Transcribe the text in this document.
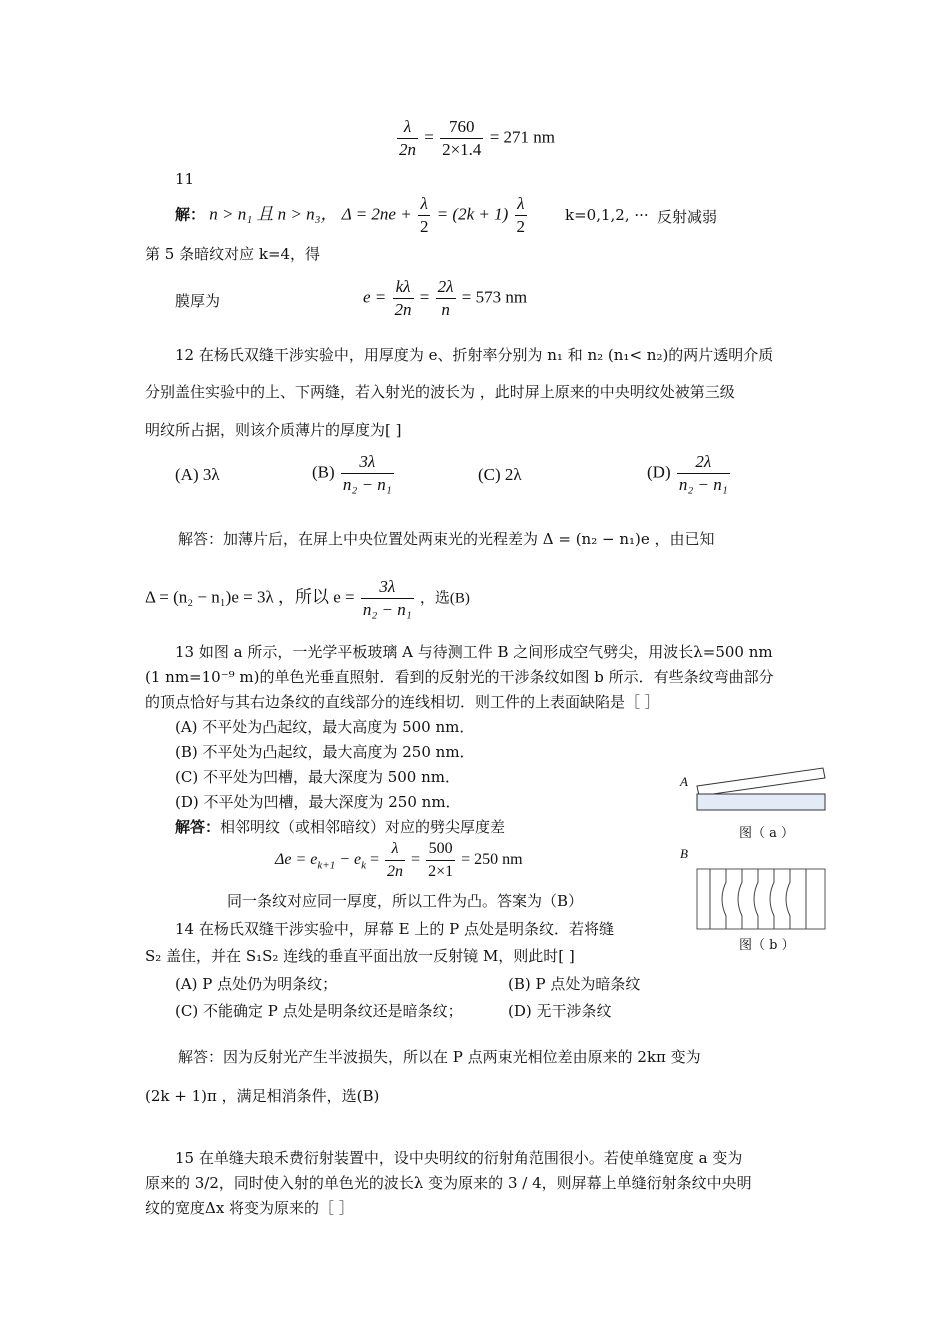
$\frac{\lambda}{2n} = \frac{760}{2\times 1.4} = 271$ nm
11
解： n > n₁ 且 n > n₃， $\Delta = 2ne + \frac{\lambda}{2} = (2k + 1) \frac{\lambda}{2}$	k=0,1,2, ··· 反射减弱
第 5 条暗纹对应 k=4，得
膜厚为	$e = \frac{k\lambda}{2n} = \frac{2\lambda}{n} = 573$ nm
12 在杨氏双缝干涉实验中，用厚度为 e、折射率分别为 n₁ 和 n₂ (n₁< n₂)的两片透明介质
分别盖住实验中的上、下两缝，若入射光的波长为 ，此时屏上原来的中央明纹处被第三级
明纹所占据，则该介质薄片的厚度为[ ]
(A) 3λ	$(B) \frac{3\lambda}{\text{n₂ − n₁}}$	(C) 2λ	$(D) \frac{2\lambda}{\text{n₂ − n₁}}$
解答：加薄片后，在屏上中央位置处两束光的光程差为 Δ = (n₂ − n₁)e ，由已知
Δ = (n₂ − n₁)e = 3λ ，所以 $e = \frac{3\lambda}{\text{n₂ − n₁}}$ ，选(B)
13 如图 a 所示，一光学平板玻璃 A 与待测工件 B 之间形成空气劈尖，用波长λ=500 nm
(1 nm=10⁻⁹ m)的单色光垂直照射．看到的反射光的干涉条纹如图 b 所示．有些条纹弯曲部分
的顶点恰好与其右边条纹的直线部分的连线相切．则工件的上表面缺陷是［ ］
(A) 不平处为凸起纹，最大高度为 500 nm．
(B) 不平处为凸起纹，最大高度为 250 nm．
(C) 不平处为凹槽，最大深度为 500 nm．
(D) 不平处为凹槽，最大深度为 250 nm．
解答：相邻明纹（或相邻暗纹）对应的劈尖厚度差
$\Delta e = e_{k+1} - e_k = \frac{\lambda}{2n} = \frac{500}{2\times 1} = 250$ nm
同一条纹对应同一厚度，所以工件为凸。答案为（B）
A
图（ a ）
B
图（ b ）
14 在杨氏双缝干涉实验中，屏幕 E 上的 P 点处是明条纹．若将缝
S₂ 盖住，并在 S₁S₂ 连线的垂直平面出放一反射镜 M，则此时[ ]
(A) P 点处仍为明条纹；	(B) P 点处为暗条纹
(C) 不能确定 P 点处是明条纹还是暗条纹；	(D) 无干涉条纹
解答：因为反射光产生半波损失，所以在 P 点两束光相位差由原来的 2kπ 变为
(2k + 1)π ，满足相消条件，选(B)
15 在单缝夫琅禾费衍射装置中，设中央明纹的衍射角范围很小。若使单缝宽度 a 变为
原来的 3/2，同时使入射的单色光的波长λ 变为原来的 3 / 4，则屏幕上单缝衍射条纹中央明
纹的宽度Δx 将变为原来的［ ］
